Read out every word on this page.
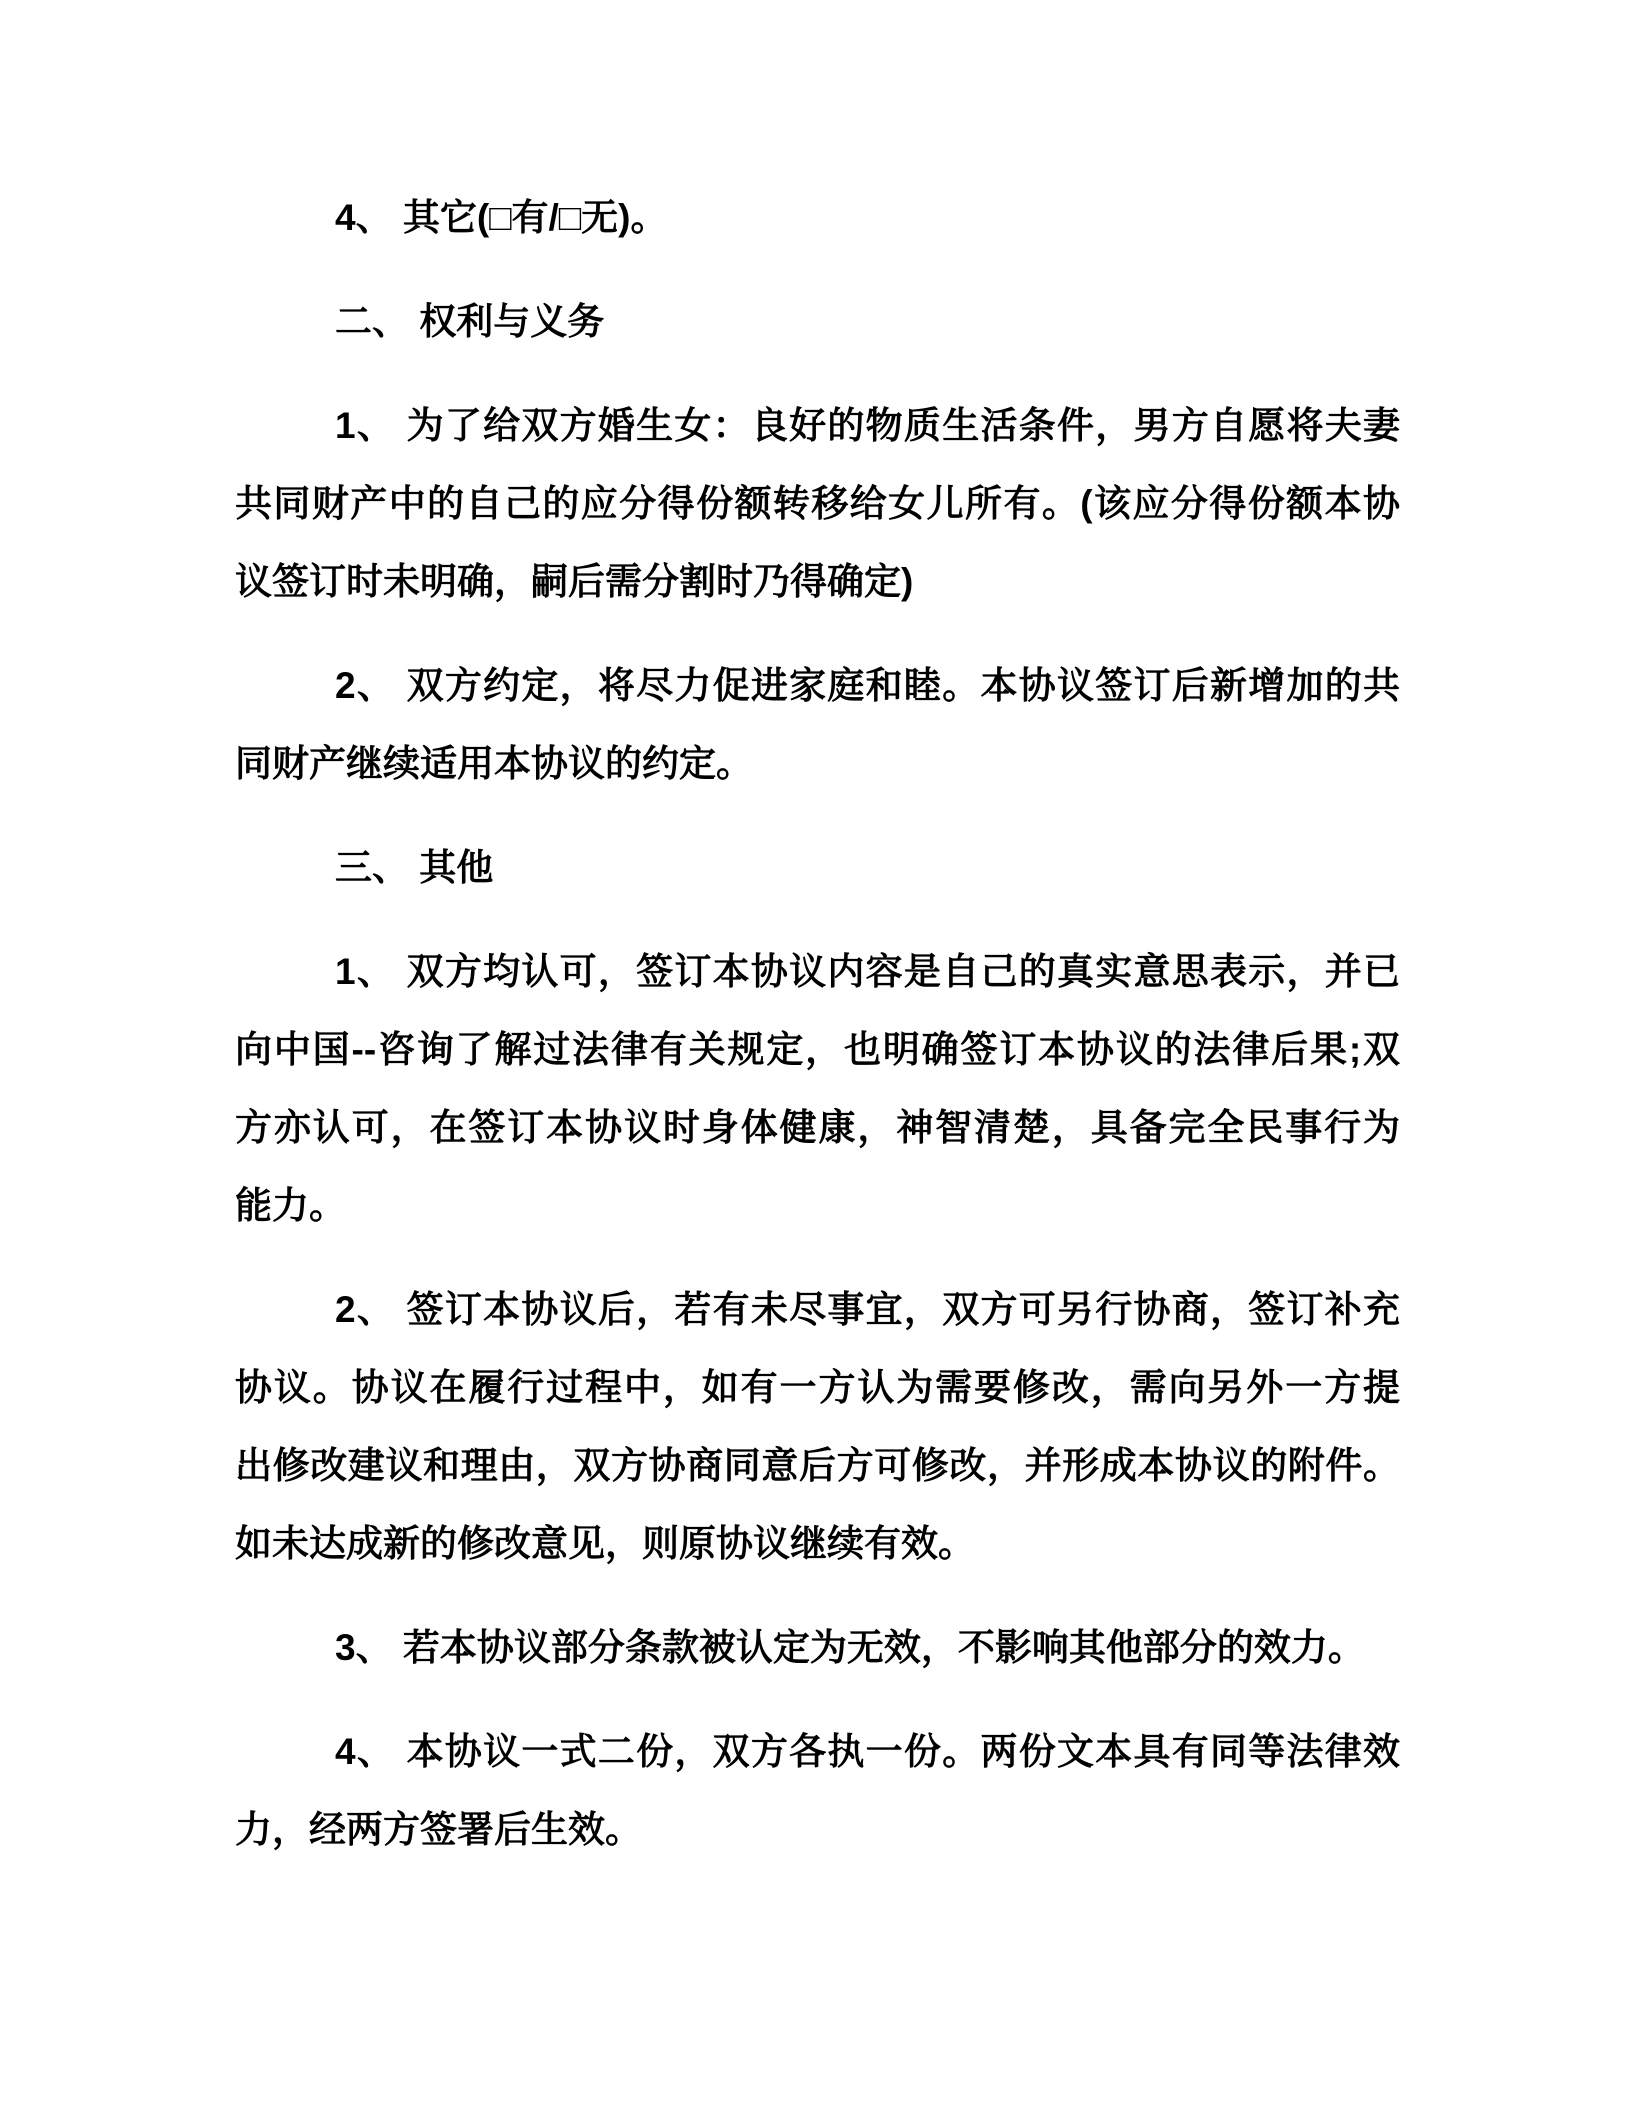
4、 其它(□有/□无)。
二、 权利与义务
1、 为了给双方婚生女：良好的物质生活条件，男方自愿将夫妻
共同财产中的自己的应分得份额转移给女儿所有。(该应分得份额本协
议签订时未明确，嗣后需分割时乃得确定)
2、 双方约定，将尽力促进家庭和睦。本协议签订后新增加的共
同财产继续适用本协议的约定。
三、 其他
1、 双方均认可，签订本协议内容是自己的真实意思表示，并已
向中国--咨询了解过法律有关规定，也明确签订本协议的法律后果;双
方亦认可，在签订本协议时身体健康，神智清楚，具备完全民事行为
能力。
2、 签订本协议后，若有未尽事宜，双方可另行协商，签订补充
协议。协议在履行过程中，如有一方认为需要修改，需向另外一方提
出修改建议和理由，双方协商同意后方可修改，并形成本协议的附件。
如未达成新的修改意见，则原协议继续有效。
3、 若本协议部分条款被认定为无效，不影响其他部分的效力。
4、 本协议一式二份，双方各执一份。两份文本具有同等法律效
力，经两方签署后生效。
